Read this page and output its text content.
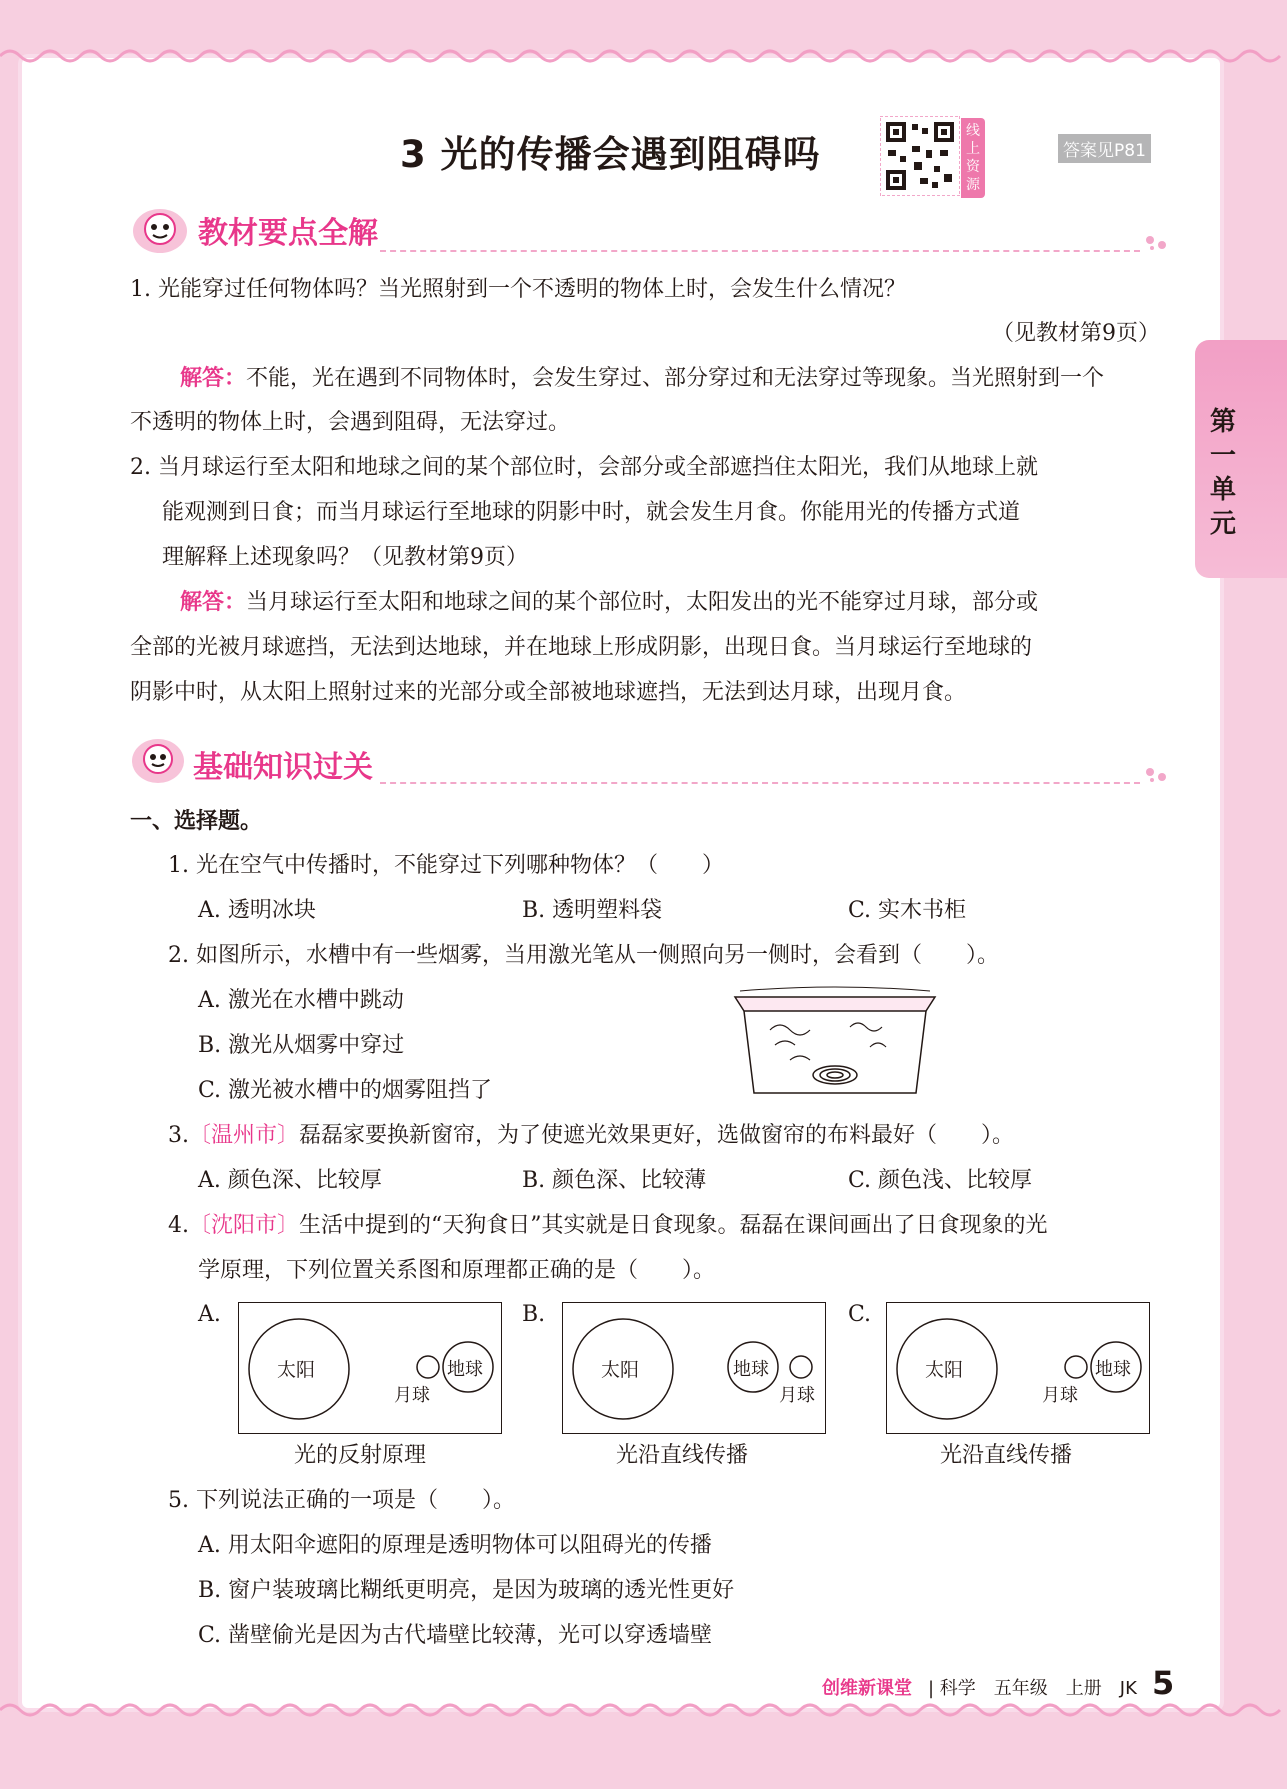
第一单元
3 光的传播会遇到阻碍吗
线上资源
答案见P81
教材要点全解
1. 光能穿过任何物体吗？当光照射到一个不透明的物体上时，会发生什么情况？
（见教材第9页）
解答：不能，光在遇到不同物体时，会发生穿过、部分穿过和无法穿过等现象。当光照射到一个
不透明的物体上时，会遇到阻碍，无法穿过。
2. 当月球运行至太阳和地球之间的某个部位时，会部分或全部遮挡住太阳光，我们从地球上就
能观测到日食；而当月球运行至地球的阴影中时，就会发生月食。你能用光的传播方式道
理解释上述现象吗？（见教材第9页）
解答：当月球运行至太阳和地球之间的某个部位时，太阳发出的光不能穿过月球，部分或
全部的光被月球遮挡，无法到达地球，并在地球上形成阴影，出现日食。当月球运行至地球的
阴影中时，从太阳上照射过来的光部分或全部被地球遮挡，无法到达月球，出现月食。
基础知识过关
一、选择题。
1. 光在空气中传播时，不能穿过下列哪种物体？（　　）
A. 透明冰块	B. 透明塑料袋	C. 实木书柜
2. 如图所示，水槽中有一些烟雾，当用激光笔从一侧照向另一侧时，会看到（　　）。
A. 激光在水槽中跳动
B. 激光从烟雾中穿过
C. 激光被水槽中的烟雾阻挡了
3.〔温州市〕磊磊家要换新窗帘，为了使遮光效果更好，选做窗帘的布料最好（　　）。
A. 颜色深、比较厚	B. 颜色深、比较薄	C. 颜色浅、比较厚
4.〔沈阳市〕生活中提到的“天狗食日”其实就是日食现象。磊磊在课间画出了日食现象的光
学原理，下列位置关系图和原理都正确的是（　　）。
A.	B.	C.
太阳	地球
月球
太阳	地球
月球
太阳	地球
月球
光的反射原理	光沿直线传播	光沿直线传播
5. 下列说法正确的一项是（　　）。
A. 用太阳伞遮阳的原理是透明物体可以阻碍光的传播
B. 窗户装玻璃比糊纸更明亮，是因为玻璃的透光性更好
C. 凿壁偷光是因为古代墙壁比较薄，光可以穿透墙壁
创维新课堂 | 科学　五年级　上册　JK 5
